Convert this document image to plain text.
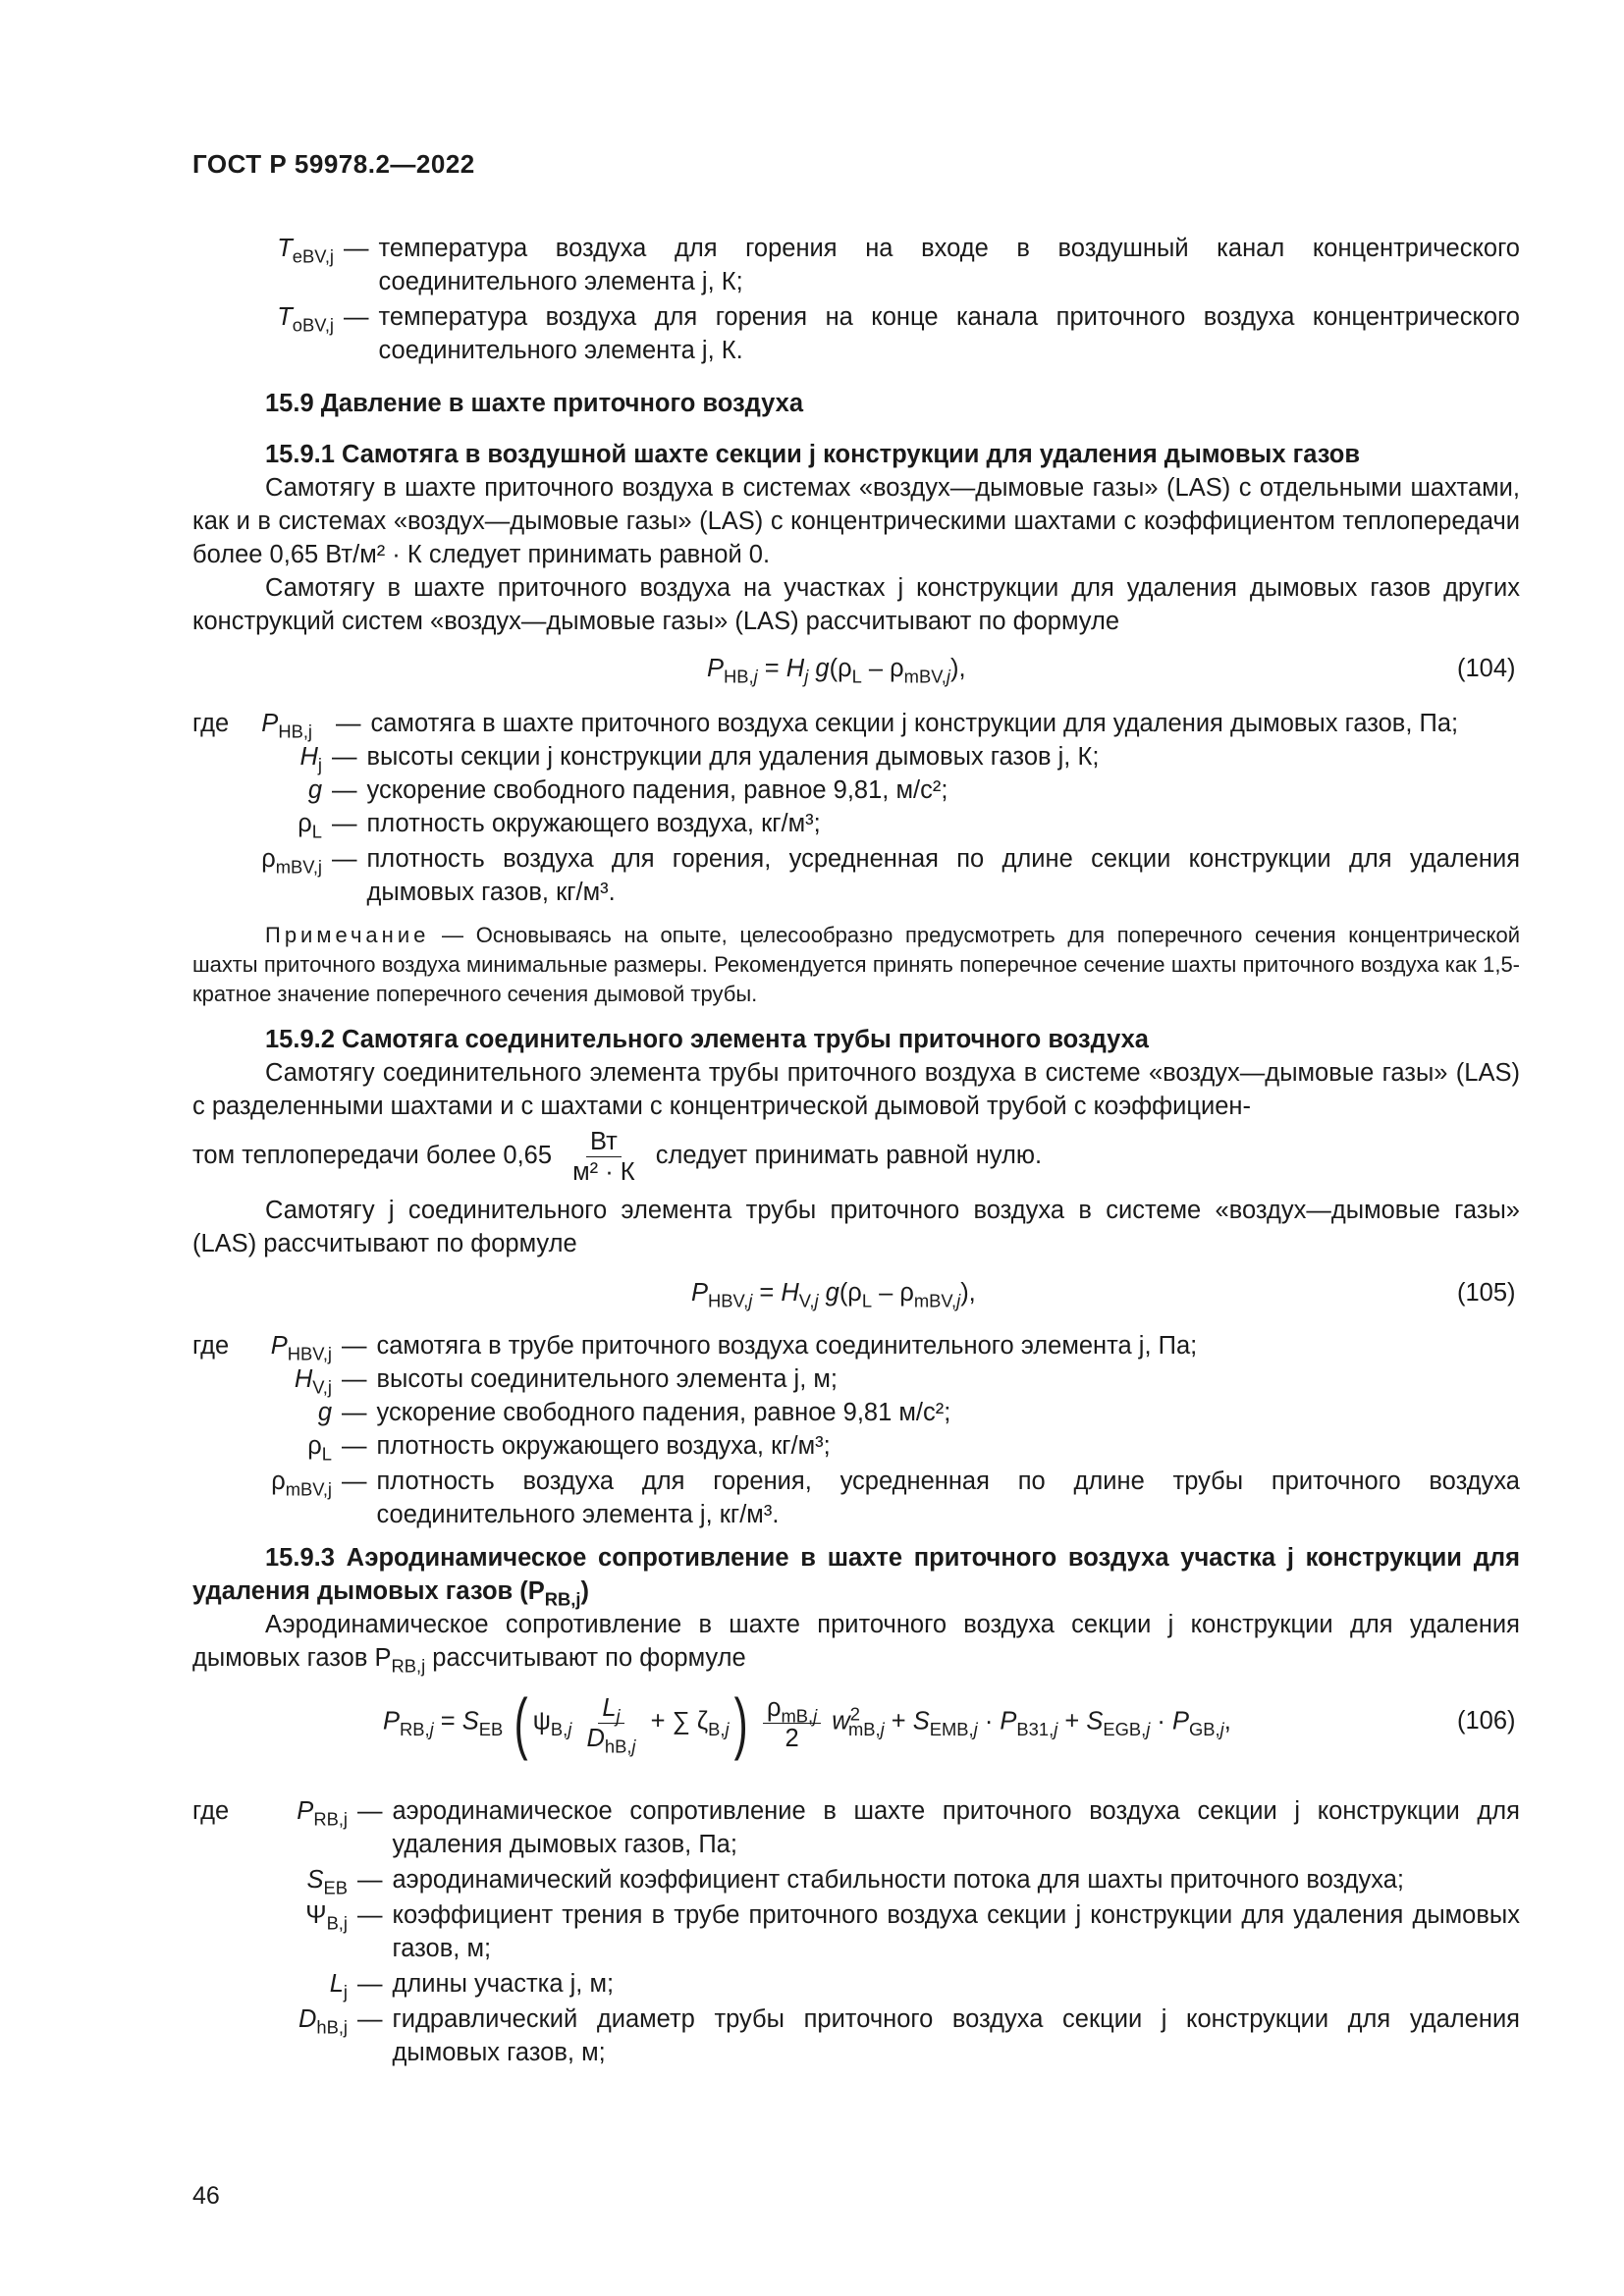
ГОСТ Р 59978.2—2022
$T_{eBV,j}$ — температура воздуха для горения на входе в воздушный канал концентрического соединительного элемента j, К;
$T_{oBV,j}$ — температура воздуха для горения на конце канала приточного воздуха концентрического соединительного элемента j, К.
15.9 Давление в шахте приточного воздуха
15.9.1 Самотяга в воздушной шахте секции j конструкции для удаления дымовых газов
Самотягу в шахте приточного воздуха в системах «воздух—дымовые газы» (LAS) с отдельными шахтами, как и в системах «воздух—дымовые газы» (LAS) с концентрическими шахтами с коэффициентом теплопередачи более 0,65 Вт/м² · К следует принимать равной 0.
Самотягу в шахте приточного воздуха на участках j конструкции для удаления дымовых газов других конструкций систем «воздух—дымовые газы» (LAS) рассчитывают по формуле
$P_{HB,j} = H_j$ $g(\rho_L - \rho_{mBV,j})$,	(104)
где	$P_{HB,j}$ — самотяга в шахте приточного воздуха секции j конструкции для удаления дымовых газов, Па;
$H_j$ — высоты секции j конструкции для удаления дымовых газов j, К;
g — ускорение свободного падения, равное 9,81, м/с²;
$\rho_L$ — плотность окружающего воздуха, кг/м³;
$\rho_{mBV,j}$ — плотность воздуха для горения, усредненная по длине секции конструкции для удаления дымовых газов, кг/м³.
Примечание — Основываясь на опыте, целесообразно предусмотреть для поперечного сечения концентрической шахты приточного воздуха минимальные размеры. Рекомендуется принять поперечное сечение шахты приточного воздуха как 1,5-кратное значение поперечного сечения дымовой трубы.
15.9.2 Самотяга соединительного элемента трубы приточного воздуха
Самотягу соединительного элемента трубы приточного воздуха в системе «воздух—дымовые газы» (LAS) с разделенными шахтами и с шахтами с концентрической дымовой трубой с коэффициен-
том теплопередачи более $0,65 \frac{Вт}{\text{м² · К}}$ следует принимать равной нулю.
Самотягу j соединительного элемента трубы приточного воздуха в системе «воздух—дымовые газы» (LAS) рассчитывают по формуле
$P_{HBV,j} = H_{V,j}$ $g(\rho_L - \rho_{mBV,j})$,	(105)
где	$P_{HBV,j}$ — самотяга в трубе приточного воздуха соединительного элемента j, Па;
$H_{V,j}$ — высоты соединительного элемента j, м;
g — ускорение свободного падения, равное 9,81 м/с²;
$\rho_L$ — плотность окружающего воздуха, кг/м³;
$\rho_{mBV,j}$ — плотность воздуха для горения, усредненная по длине трубы приточного воздуха соединительного элемента j, кг/м³.
15.9.3 Аэродинамическое сопротивление в шахте приточного воздуха участка j конструкции для удаления дымовых газов $(P_{RB,j})$
Аэродинамическое сопротивление в шахте приточного воздуха секции j конструкции для удаления дымовых газов $P_{RB,j}$ рассчитывают по формуле
$P_{RB,j} = S_{EB}$ ( $\psi_{B,j} \frac{L_j}{D_{hB,j}}$ + ∑ $\zeta_{B,j}) \frac{\rho_{mB,j}}{2} w^2_{mB,j} + S_{EMB,j} \cdot P_{B31,j} + S_{EGB,j} \cdot P_{GB,j}$,	(106)
где	$P_{RB,j}$ — аэродинамическое сопротивление в шахте приточного воздуха секции j конструкции для удаления дымовых газов, Па;
$S_{EB}$ — аэродинамический коэффициент стабильности потока для шахты приточного воздуха;
$\Psi_{B,j}$ — коэффициент трения в трубе приточного воздуха секции j конструкции для удаления дымовых газов, м;
$L_j$ — длины участка j, м;
$D_{hB,j}$ — гидравлический диаметр трубы приточного воздуха секции j конструкции для удаления дымовых газов, м;
46
